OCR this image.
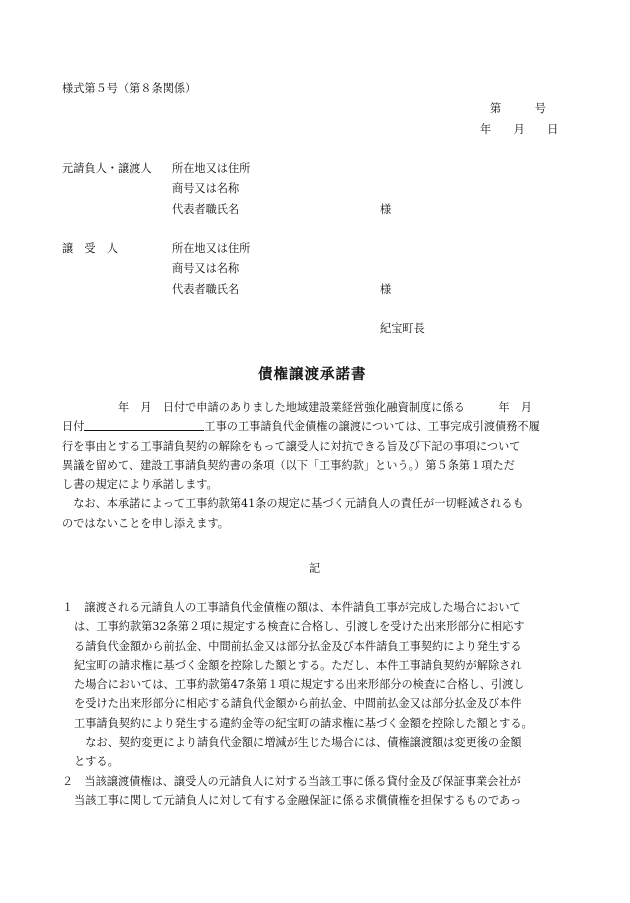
様式第５号（第８条関係）
第　　　号
年　　月　　日
元請負人・譲渡人 所在地又は住所
商号又は名称
代表者職氏名	様
譲　受　人	所在地又は住所
商号又は名称
代表者職氏名	様
紀宝町長
債権譲渡承諾書
　　　　　年　月　日付で申請のありました地域建設業経営強化融資制度に係る　　　年　月
日付	工事の工事請負代金債権の譲渡については、工事完成引渡債務不履
行を事由とする工事請負契約の解除をもって譲受人に対抗できる旨及び下記の事項について
異議を留めて、建設工事請負契約書の条項（以下「工事約款」という。）第５条第１項ただ
し書の規定により承諾します。
　なお、本承諾によって工事約款第41条の規定に基づく元請負人の責任が一切軽減されるも
のではないことを申し添えます。
記
１　譲渡される元請負人の工事請負代金債権の額は、本件請負工事が完成した場合において
は、工事約款第32条第２項に規定する検査に合格し、引渡しを受けた出来形部分に相応す
る請負代金額から前払金、中間前払金又は部分払金及び本件請負工事契約により発生する
紀宝町の請求権に基づく金額を控除した額とする。ただし、本件工事請負契約が解除され
た場合においては、工事約款第47条第１項に規定する出来形部分の検査に合格し、引渡し
を受けた出来形部分に相応する請負代金額から前払金、中間前払金又は部分払金及び本件
工事請負契約により発生する違約金等の紀宝町の請求権に基づく金額を控除した額とする。
　なお、契約変更により請負代金額に増減が生じた場合には、債権譲渡額は変更後の金額
とする。
２　当該譲渡債権は、譲受人の元請負人に対する当該工事に係る貸付金及び保証事業会社が
当該工事に関して元請負人に対して有する金融保証に係る求償債権を担保するものであっ
